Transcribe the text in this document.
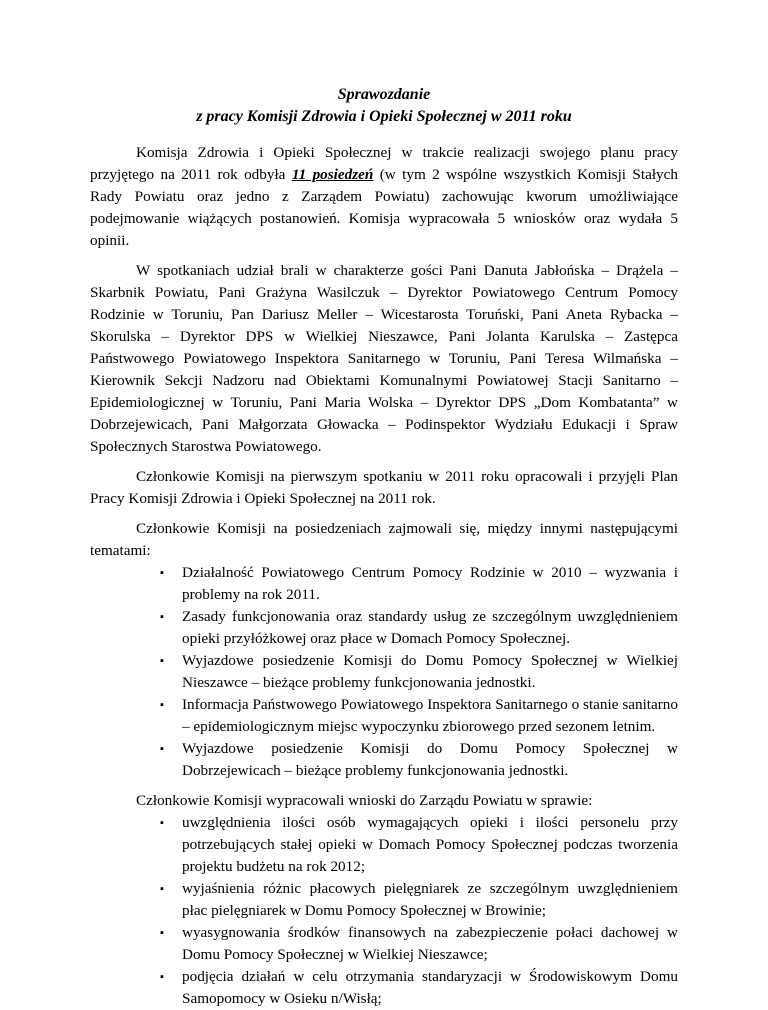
Sprawozdanie
z pracy Komisji Zdrowia i Opieki Społecznej w 2011 roku

Komisja Zdrowia i Opieki Społecznej w trakcie realizacji swojego planu pracy przyjętego na 2011 rok odbyła 11 posiedzeń (w tym 2 wspólne wszystkich Komisji Stałych Rady Powiatu oraz jedno z Zarządem Powiatu) zachowując kworum umożliwiające podejmowanie wiążących postanowień. Komisja wypracowała 5 wniosków oraz wydała 5 opinii.

W spotkaniach udział brali w charakterze gości Pani Danuta Jabłońska – Drążela – Skarbnik Powiatu, Pani Grażyna Wasilczuk – Dyrektor Powiatowego Centrum Pomocy Rodzinie w Toruniu, Pan Dariusz Meller – Wicestarosta Toruński, Pani Aneta Rybacka – Skorulska – Dyrektor DPS w Wielkiej Nieszawce, Pani Jolanta Karulska – Zastępca Państwowego Powiatowego Inspektora Sanitarnego w Toruniu, Pani Teresa Wilmańska – Kierownik Sekcji Nadzoru nad Obiektami Komunalnymi Powiatowej Stacji Sanitarno – Epidemiologicznej w Toruniu, Pani Maria Wolska – Dyrektor DPS „Dom Kombatanta” w Dobrzejewicach, Pani Małgorzata Głowacka – Podinspektor Wydziału Edukacji i Spraw Społecznych Starostwa Powiatowego.

Członkowie Komisji na pierwszym spotkaniu w 2011 roku opracowali i przyjęli Plan Pracy Komisji Zdrowia i Opieki Społecznej na 2011 rok.

Członkowie Komisji na posiedzeniach zajmowali się, między innymi następującymi tematami:

▪ Działalność Powiatowego Centrum Pomocy Rodzinie w 2010 – wyzwania i problemy na rok 2011.
▪ Zasady funkcjonowania oraz standardy usług ze szczególnym uwzględnieniem opieki przyłóżkowej oraz płace w Domach Pomocy Społecznej.
▪ Wyjazdowe posiedzenie Komisji do Domu Pomocy Społecznej w Wielkiej Nieszawce – bieżące problemy funkcjonowania jednostki.
▪ Informacja Państwowego Powiatowego Inspektora Sanitarnego o stanie sanitarno – epidemiologicznym miejsc wypoczynku zbiorowego przed sezonem letnim.
▪ Wyjazdowe posiedzenie Komisji do Domu Pomocy Społecznej w Dobrzejewicach – bieżące problemy funkcjonowania jednostki.

Członkowie Komisji wypracowali wnioski do Zarządu Powiatu w sprawie:

▪ uwzględnienia ilości osób wymagających opieki i ilości personelu przy potrzebujących stałej opieki w Domach Pomocy Społecznej podczas tworzenia projektu budżetu na rok 2012;
▪ wyjaśnienia różnic płacowych pielęgniarek ze szczególnym uwzględnieniem płac pielęgniarek w Domu Pomocy Społecznej w Browinie;
▪ wyasygnowania środków finansowych na zabezpieczenie połaci dachowej w Domu Pomocy Społecznej w Wielkiej Nieszawce;
▪ podjęcia działań w celu otrzymania standaryzacji w Środowiskowym Domu Samopomocy w Osieku n/Wisłą;
